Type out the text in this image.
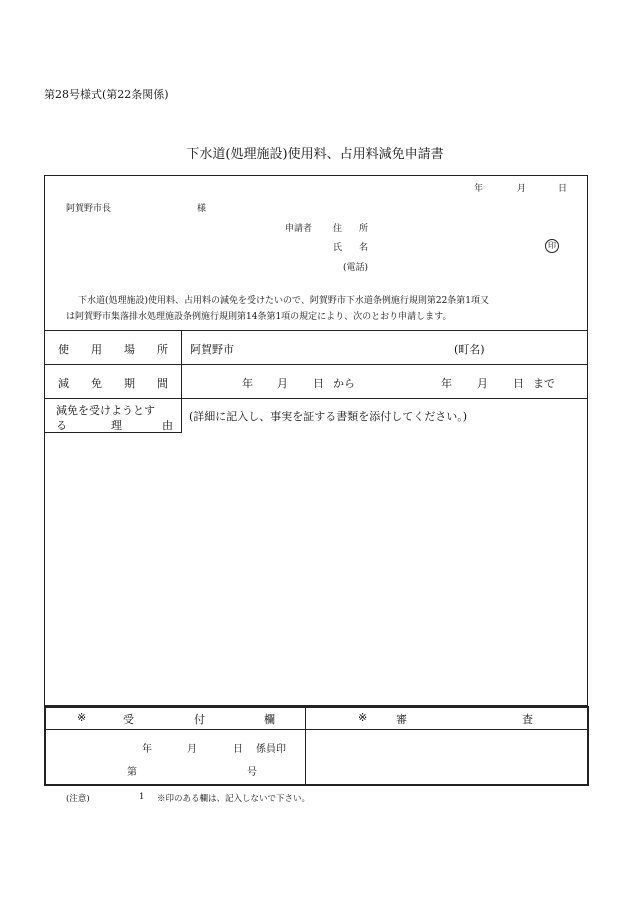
第28号様式(第22条関係)
下水道(処理施設)使用料、占用料減免申請書
年	月	日
阿賀野市長	様
申請者 住　所
氏　名	印
(電話)
下水道(処理施設)使用料、占用料の減免を受けたいので、阿賀野市下水道条例施行規則第22条第1項又
は阿賀野市集落排水処理施設条例施行規則第14条第1項の規定により、次のとおり申請します。
使用場所 阿賀野市	(町名)
減免期間	年 月 日 から	年 月 日 まで
減免を受けようとす
る	理	由
(詳細に記入し、事実を証する書類を添付してください。)
※	受	付	欄	※	審	査
年	月	日 係員印
第	号
(注意)	1 ※印のある欄は、記入しないで下さい。
